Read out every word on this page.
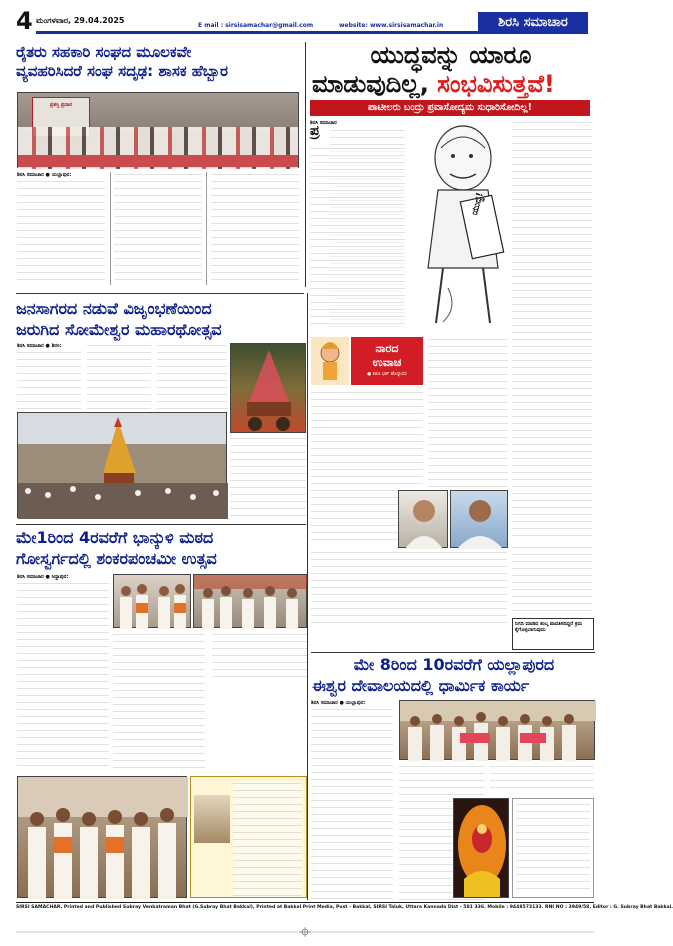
4 ಮಂಗಳವಾರ, 29.04.2025
E mail : sirsisamachar@gmail.com	website: www.sirsisamachar.in	ಶಿರಸಿ ಸಮಾಚಾರ
ರೈತರು ಸಹಕಾರಿ ಸಂಘದ ಮೂಲಕವೇ
ವ್ಯವಹರಿಸಿದರೆ ಸಂಘ ಸದೃಢ: ಶಾಸಕ ಹೆಬ್ಬಾರ
ಪ್ರಶಸ್ತಿ ಪ್ರದಾನ
ಶಿರಸಿ ಸಮಾಚಾರ ● ಯಲ್ಲಾಪುರ:
ಯುದ್ಧವನ್ನು ಯಾರೂ
ಮಾಡುವುದಿಲ್ಲ, ಸಂಭವಿಸುತ್ತವೆ!
ಪಾಟೀಲರು ಬಂದ್ರು ಪ್ರವಾಸೋದ್ಯಮ ಸುಧಾರಿಸೋದಿಲ್ಲ!
ಶಿರಸಿ ಸಮಾಚಾರ
ಪ್ರ
ಯುದ್ಧ!
ನಾರದ
ಉವಾಚ
● ಕಿರಣ ಭಟ್ ಹೊನ್ನಾವರ
ಜನಸಾಗರದ ನಡುವೆ ವಿಜೃಂಭಣೆಯಿಂದ
ಜರುಗಿದ ಸೋಮೇಶ್ವರ ಮಹಾರಥೋತ್ಸವ
ಶಿರಸಿ ಸಮಾಚಾರ ● ಶಿರಸಿ:
ಮೇ1ರಿಂದ 4ರವರೆಗೆ ಭಾನ್ಕುಳಿ ಮಠದ
ಗೋಸ್ವರ್ಗದಲ್ಲಿ ಶಂಕರಪಂಚಮೀ ಉತ್ಸವ
ಶಿರಸಿ ಸಮಾಚಾರ ● ಸಿದ್ದಾಪುರ:
ನಿಗದಿ ಮಾಡಿದ ಶುಲ್ಕ ಪಾವತಿಸದಿದ್ದರೆ ಕ್ರಮ ಕೈಗೊಳ್ಳಲಾಗುವುದು
ಮೇ 8ರಿಂದ 10ರವರೆಗೆ ಯಲ್ಲಾಪುರದ
ಈಶ್ವರ ದೇವಾಲಯದಲ್ಲಿ ಧಾರ್ಮಿಕ ಕಾರ್ಯ
ಶಿರಸಿ ಸಮಾಚಾರ ● ಯಲ್ಲಾಪುರ:
SIRSI SAMACHAR, Printed and Published Subray Venkatraman Bhat (G.Subray Bhat Bakkal), Printed at Bakkal Print Media, Post - Bakkal, SIRSI Taluk, Uttara Kannada Dist - 581 336. Mobile : 9448573133. RNI NO : 3949/58, Editor : G. Subray Bhat Bakkal.
